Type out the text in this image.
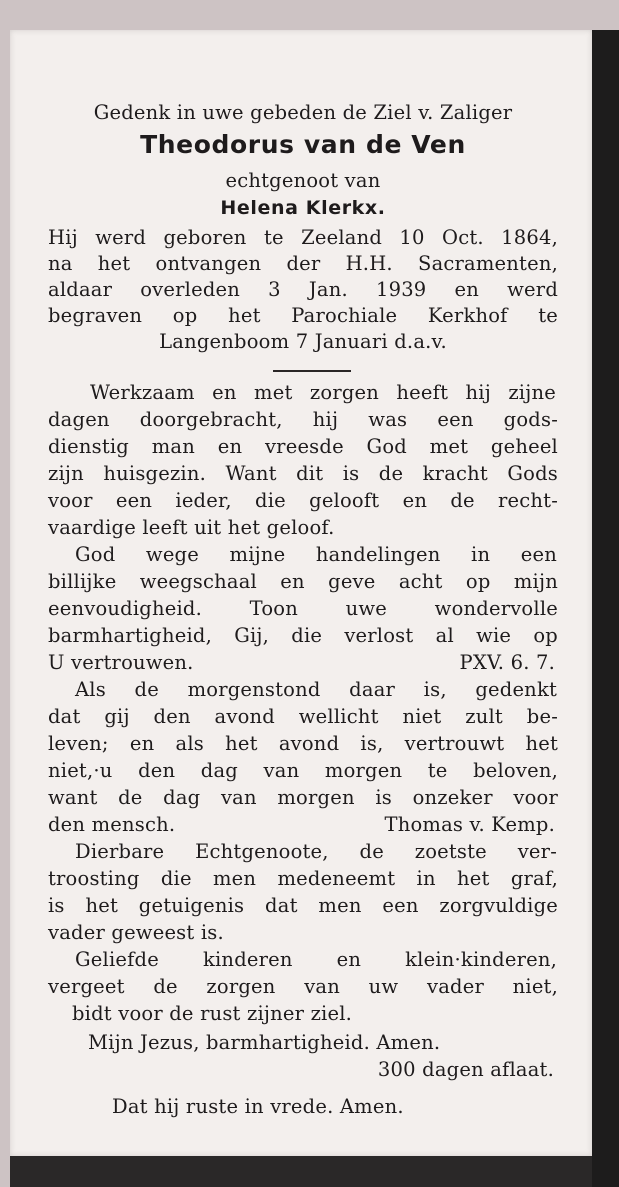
Gedenk in uwe gebeden de Ziel v. Zaliger

Theodorus van de Ven

echtgenoot van

Helena Klerkx.

Hij werd geboren te Zeeland 10 Oct. 1864,

na het ontvangen der H.H. Sacramenten,

aldaar overleden 3 Jan. 1939 en werd

begraven op het Parochiale Kerkhof te

Langenboom 7 Januari d.a.v.

Werkzaam en met zorgen heeft hij zijne

dagen doorgebracht, hij was een gods-

dienstig man en vreesde God met geheel

zijn huisgezin. Want dit is de kracht Gods

voor een ieder, die gelooft en de recht-

vaardige leeft uit het geloof.

God wege mijne handelingen in een

billijke weegschaal en geve acht op mijn

eenvoudigheid. Toon uwe wondervolle

barmhartigheid, Gij, die verlost al wie op

U vertrouwen.	PXV. 6. 7.

Als de morgenstond daar is, gedenkt

dat gij den avond wellicht niet zult be-

leven; en als het avond is, vertrouwt het

niet,·u den dag van morgen te beloven,

want de dag van morgen is onzeker voor

den mensch.	Thomas v. Kemp.

Dierbare Echtgenoote, de zoetste ver-

troosting die men medeneemt in het graf,

is het getuigenis dat men een zorgvuldige

vader geweest is.

Geliefde kinderen en klein·kinderen,

vergeet de zorgen van uw vader niet,

bidt voor de rust zijner ziel.

Mijn Jezus, barmhartigheid. Amen.

300 dagen aflaat.

Dat hij ruste in vrede. Amen.
